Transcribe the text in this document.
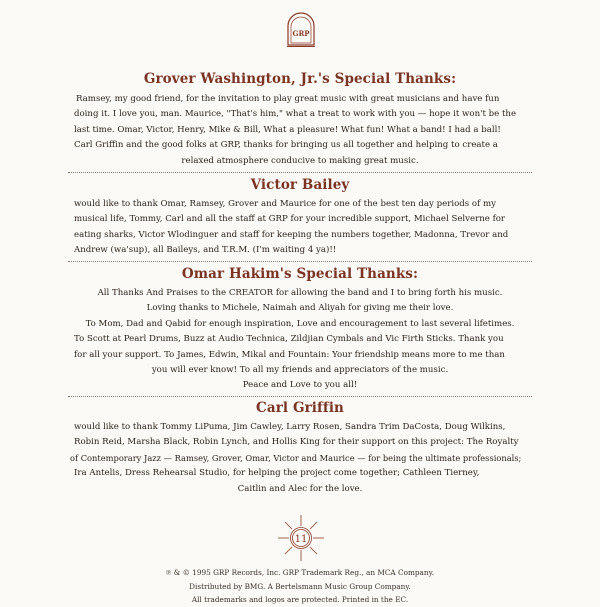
GRP
Grover Washington, Jr.'s Special Thanks:
Ramsey, my good friend, for the invitation to play great music with great musicians and have fun
doing it. I love you, man. Maurice, "That's him," what a treat to work with you — hope it won't be the
last time. Omar, Victor, Henry, Mike & Bill, What a pleasure! What fun! What a band! I had a ball!
Carl Griffin and the good folks at GRP, thanks for bringing us all together and helping to create a
relaxed atmosphere conducive to making great music.
Victor Bailey
would like to thank Omar, Ramsey, Grover and Maurice for one of the best ten day periods of my
musical life, Tommy, Carl and all the staff at GRP for your incredible support, Michael Selverne for
eating sharks, Victor Wlodinguer and staff for keeping the numbers together, Madonna, Trevor and
Andrew (wa'sup), all Baileys, and T.R.M. (I'm waiting 4 ya)!!
Omar Hakim's Special Thanks:
All Thanks And Praises to the CREATOR for allowing the band and I to bring forth his music.
Loving thanks to Michele, Naimah and Aliyah for giving me their love.
To Mom, Dad and Qabid for enough inspiration, Love and encouragement to last several lifetimes.
To Scott at Pearl Drums, Buzz at Audio Technica, Zildjian Cymbals and Vic Firth Sticks. Thank you
for all your support. To James, Edwin, Mikal and Fountain: Your friendship means more to me than
you will ever know! To all my friends and appreciators of the music.
Peace and Love to you all!
Carl Griffin
would like to thank Tommy LiPuma, Jim Cawley, Larry Rosen, Sandra Trim DaCosta, Doug Wilkins,
Robin Reid, Marsha Black, Robin Lynch, and Hollis King for their support on this project: The Royalty
of Contemporary Jazz — Ramsey, Grover, Omar, Victor and Maurice — for being the ultimate professionals;
Ira Antelis, Dress Rehearsal Studio, for helping the project come together; Cathleen Tierney,
Caitlin and Alec for the love.
11
℗ & © 1995 GRP Records, Inc. GRP Trademark Reg., an MCA Company.
Distributed by BMG. A Bertelsmann Music Group Company.
All trademarks and logos are protected. Printed in the EC.
